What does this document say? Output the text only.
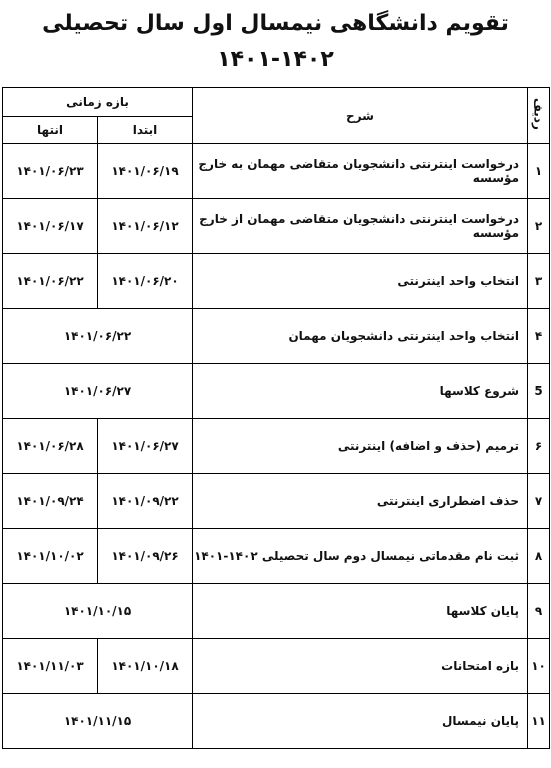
تقویم دانشگاهی نیمسال اول سال تحصیلی ۱۴۰۲-۱۴۰۱
ردیف	شرح	بازه زمانی	
		ابتدا	انتها
۱	درخواست اینترنتی دانشجویان متقاضی مهمان به خارج مؤسسه	۱۴۰۱/۰۶/۱۹	۱۴۰۱/۰۶/۲۳
۲	درخواست اینترنتی دانشجویان متقاضی مهمان از خارج مؤسسه	۱۴۰۱/۰۶/۱۲	۱۴۰۱/۰۶/۱۷
۳	انتخاب واحد اینترنتی	۱۴۰۱/۰۶/۲۰	۱۴۰۱/۰۶/۲۲
۴	انتخاب واحد اینترنتی دانشجویان مهمان	۱۴۰۱/۰۶/۲۲	
5	شروع کلاسها	۱۴۰۱/۰۶/۲۷	
۶	ترمیم (حذف و اضافه) اینترنتی	۱۴۰۱/۰۶/۲۷	۱۴۰۱/۰۶/۲۸
۷	حذف اضطراری اینترنتی	۱۴۰۱/۰۹/۲۲	۱۴۰۱/۰۹/۲۴
۸	ثبت نام مقدماتی نیمسال دوم سال تحصیلی ۱۴۰۲-۱۴۰۱	۱۴۰۱/۰۹/۲۶	۱۴۰۱/۱۰/۰۲
۹	پایان کلاسها	۱۴۰۱/۱۰/۱۵	
۱۰	بازه امتحانات	۱۴۰۱/۱۰/۱۸	۱۴۰۱/۱۱/۰۳
۱۱	پایان نیمسال	۱۴۰۱/۱۱/۱۵	
